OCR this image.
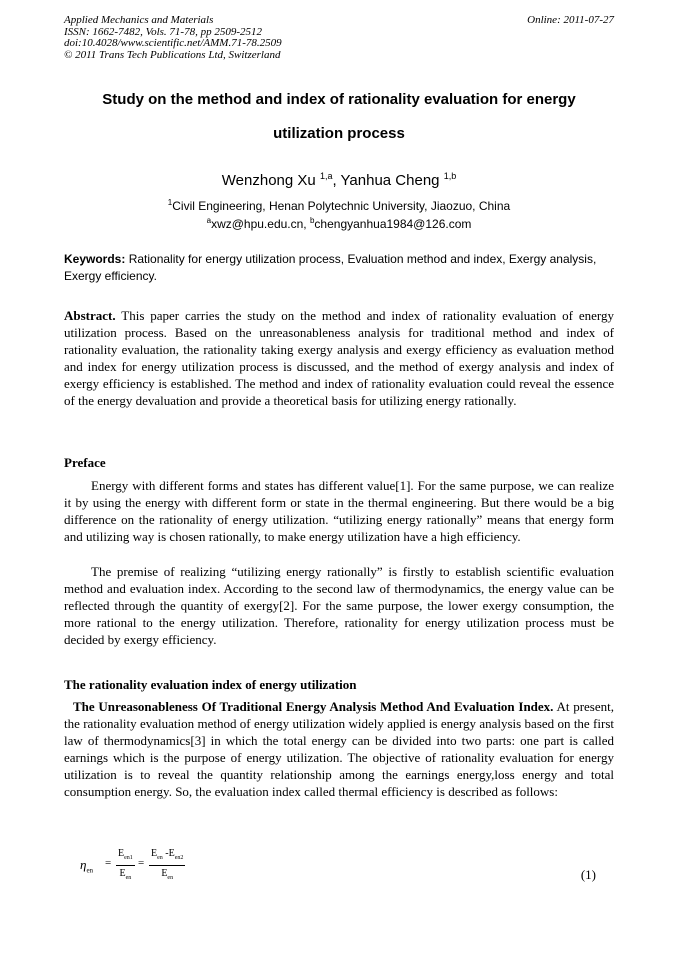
Applied Mechanics and Materials
ISSN: 1662-7482, Vols. 71-78, pp 2509-2512
doi:10.4028/www.scientific.net/AMM.71-78.2509
© 2011 Trans Tech Publications Ltd, Switzerland
Online: 2011-07-27
Study on the method and index of rationality evaluation for energy
utilization process
Wenzhong Xu $^{1,a}$, Yanhua Cheng $^{1,b}$
$^1$Civil Engineering, Henan Polytechnic University, Jiaozuo, China
$^a$xwz@hpu.edu.cn, $^b$chengyanhua1984@126.com
Keywords: Rationality for energy utilization process, Evaluation method and index, Exergy analysis, Exergy efficiency.
Abstract. This paper carries the study on the method and index of rationality evaluation of energy utilization process. Based on the unreasonableness analysis for traditional method and index of rationality evaluation, the rationality taking exergy analysis and exergy efficiency as evaluation method and index for energy utilization process is discussed, and the method of exergy analysis and index of exergy efficiency is established. The method and index of rationality evaluation could reveal the essence of the energy devaluation and provide a theoretical basis for utilizing energy rationally.
Preface
Energy with different forms and states has different value[1]. For the same purpose, we can realize it by using the energy with different form or state in the thermal engineering. But there would be a big difference on the rationality of energy utilization. “utilizing energy rationally” means that energy form and utilizing way is chosen rationally, to make energy utilization have a high efficiency.
The premise of realizing “utilizing energy rationally” is firstly to establish scientific evaluation method and evaluation index. According to the second law of thermodynamics, the energy value can be reflected through the quantity of exergy[2]. For the same purpose, the lower exergy consumption, the more rational to the energy utilization. Therefore, rationality for energy utilization process must be decided by exergy efficiency.
The rationality evaluation index of energy utilization
The Unreasonableness Of Traditional Energy Analysis Method And Evaluation Index. At present, the rationality evaluation method of energy utilization widely applied is energy analysis based on the first law of thermodynamics[3] in which the total energy can be divided into two parts: one part is called earnings which is the purpose of energy utilization. The objective of rationality evaluation for energy utilization is to reveal the quantity relationship among the earnings energy,loss energy and total consumption energy. So, the evaluation index called thermal efficiency is described as follows:
$\eta_{en}$
=
$E_{en1}$
$E_{en}$
=
$E_{en}$ $-E_{en2}$
$E_{en}$	(1)
